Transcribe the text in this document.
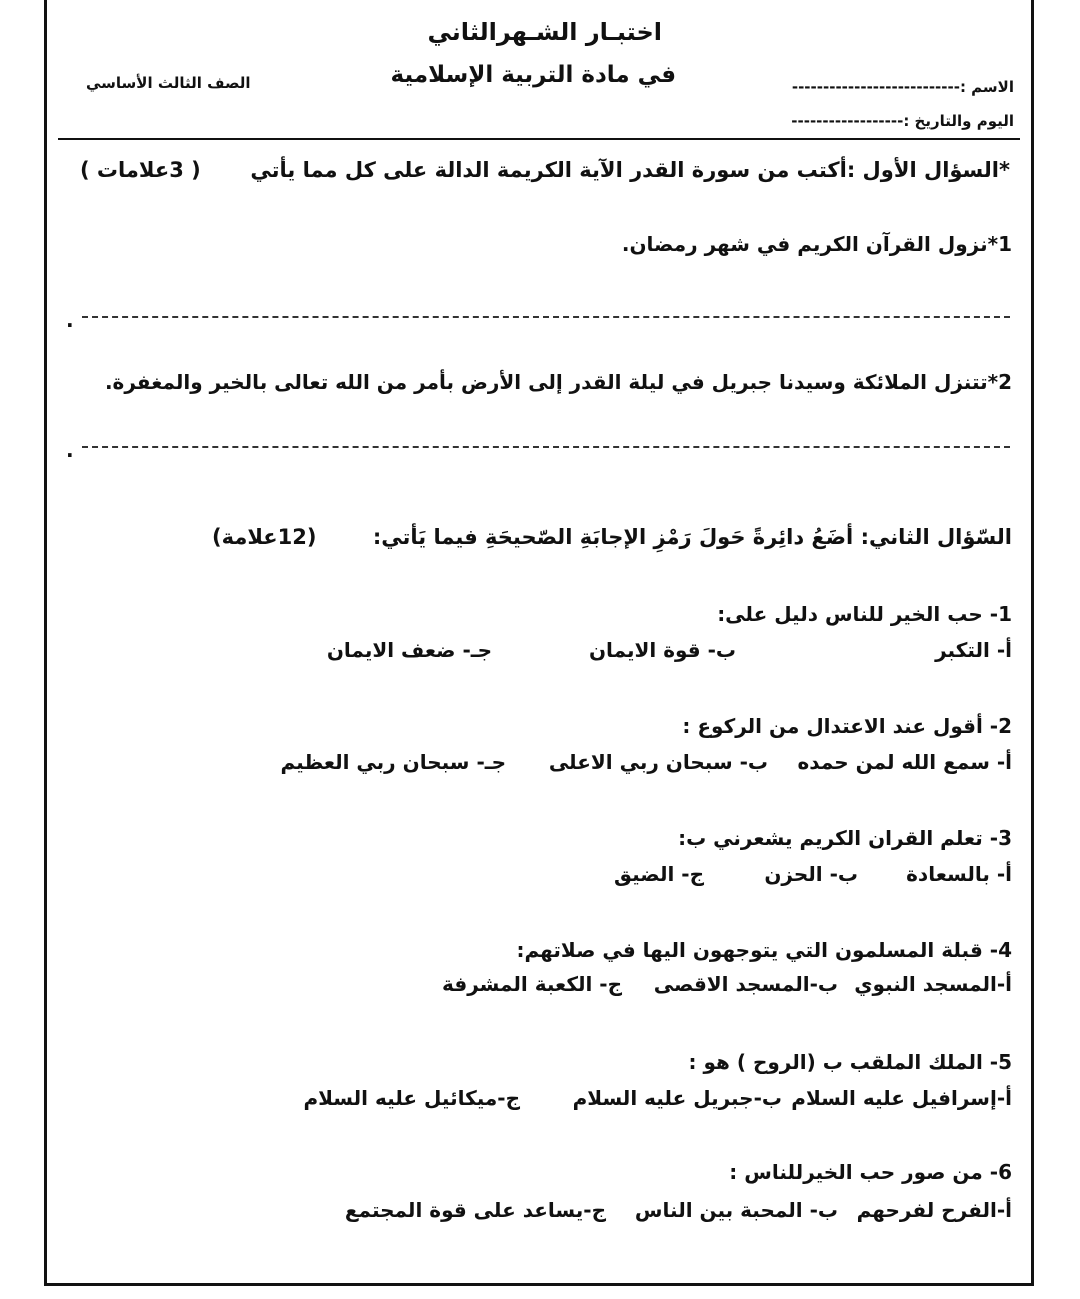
اختبـار الشـهرالثاني
في مادة التربية الإسلامية
الصف الثالث الأساسي	الاسم :---------------------------
اليوم والتاريخ :------------------
*السؤال الأول :أكتب من سورة القدر الآية الكريمة الدالة على كل مما يأتي
( 3علامات )
1*نزول القرآن الكريم في شهر رمضان.
.
2*تتنزل الملائكة وسيدنا جبريل في ليلة القدر إلى الأرض بأمر من الله تعالى بالخير والمغفرة.
.
السّؤال الثاني: أضَعُ دائِرةً حَولَ رَمْزِ الإجابَةِ الصّحيحَةِ فيما يَأتي:
(12علامة)
1- حب الخير للناس دليل على:
أ- التكبر
ب- قوة الايمان
جـ- ضعف الايمان
2- أقول عند الاعتدال من الركوع :
أ- سمع الله لمن حمده
ب- سبحان ربي الاعلى
جـ- سبحان ربي العظيم
3- تعلم القران الكريم يشعرني ب:
أ- بالسعادة
ب- الحزن
ج- الضيق
4- قبلة المسلمون التي يتوجهون اليها في صلاتهم:
أ-المسجد النبوي
ب-المسجد الاقصى
ج- الكعبة المشرفة
5- الملك الملقب ب (الروح ) هو :
أ-إسرافيل عليه السلام
ب-جبريل عليه السلام
ج-ميكائيل عليه السلام
6- من صور حب الخيرللناس :
أ-الفرح لفرحهم
ب- المحبة بين الناس
ج-يساعد على قوة المجتمع
